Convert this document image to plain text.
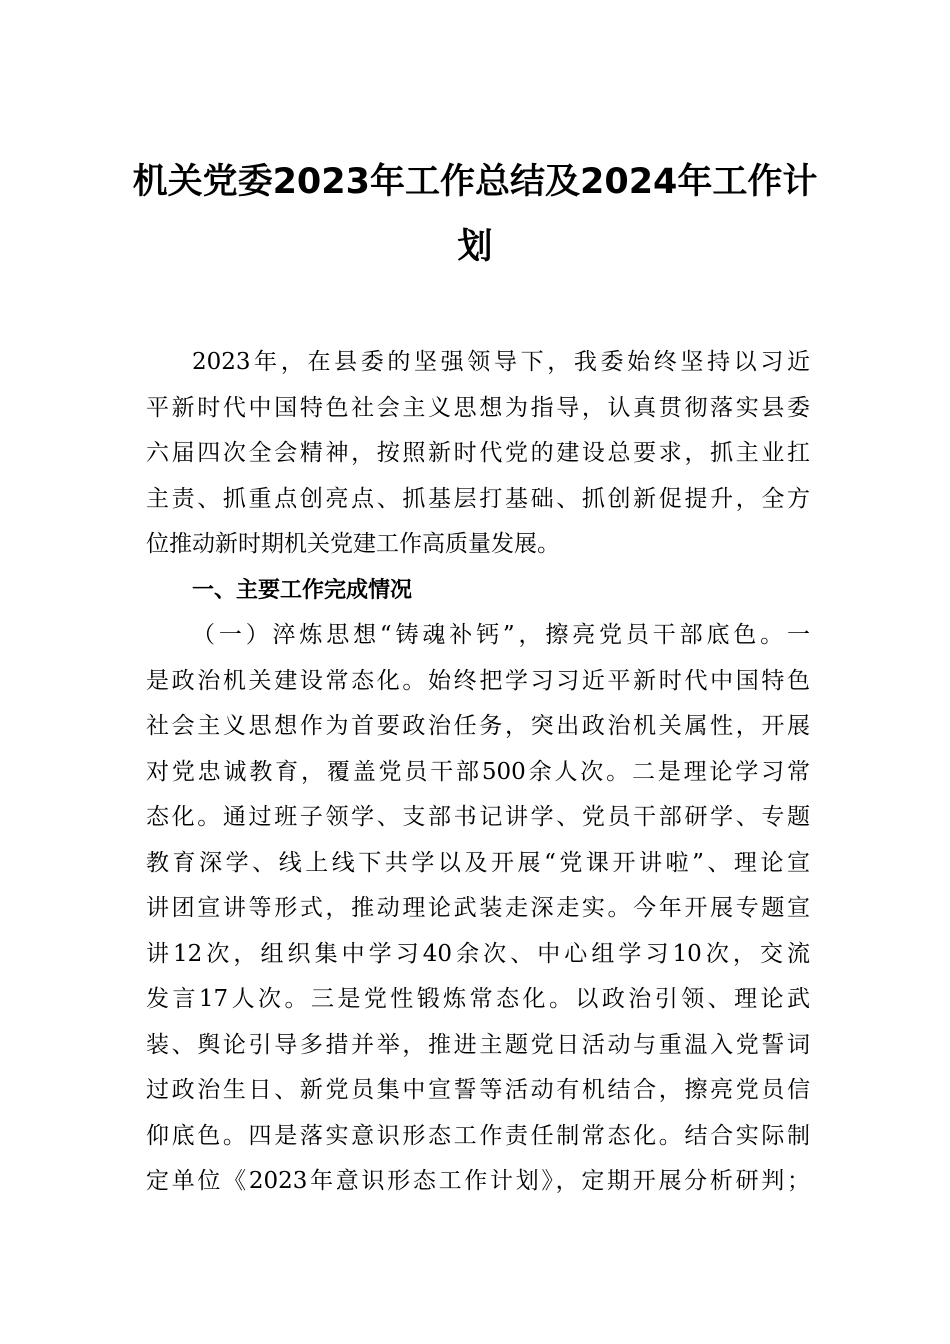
机关党委2023年工作总结及2024年工作计
划
2023年，在县委的坚强领导下，我委始终坚持以习近
平新时代中国特色社会主义思想为指导，认真贯彻落实县委
六届四次全会精神，按照新时代党的建设总要求，抓主业扛
主责、抓重点创亮点、抓基层打基础、抓创新促提升，全方
位推动新时期机关党建工作高质量发展。
一、主要工作完成情况
（一）淬炼思想“铸魂补钙”，擦亮党员干部底色。一
是政治机关建设常态化。始终把学习习近平新时代中国特色
社会主义思想作为首要政治任务，突出政治机关属性，开展
对党忠诚教育，覆盖党员干部500余人次。二是理论学习常
态化。通过班子领学、支部书记讲学、党员干部研学、专题
教育深学、线上线下共学以及开展“党课开讲啦”、理论宣
讲团宣讲等形式，推动理论武装走深走实。今年开展专题宣
讲12次，组织集中学习40余次、中心组学习10次，交流
发言17人次。三是党性锻炼常态化。以政治引领、理论武
装、舆论引导多措并举，推进主题党日活动与重温入党誓词
过政治生日、新党员集中宣誓等活动有机结合，擦亮党员信
仰底色。四是落实意识形态工作责任制常态化。结合实际制
定单位《2023年意识形态工作计划》，定期开展分析研判；
